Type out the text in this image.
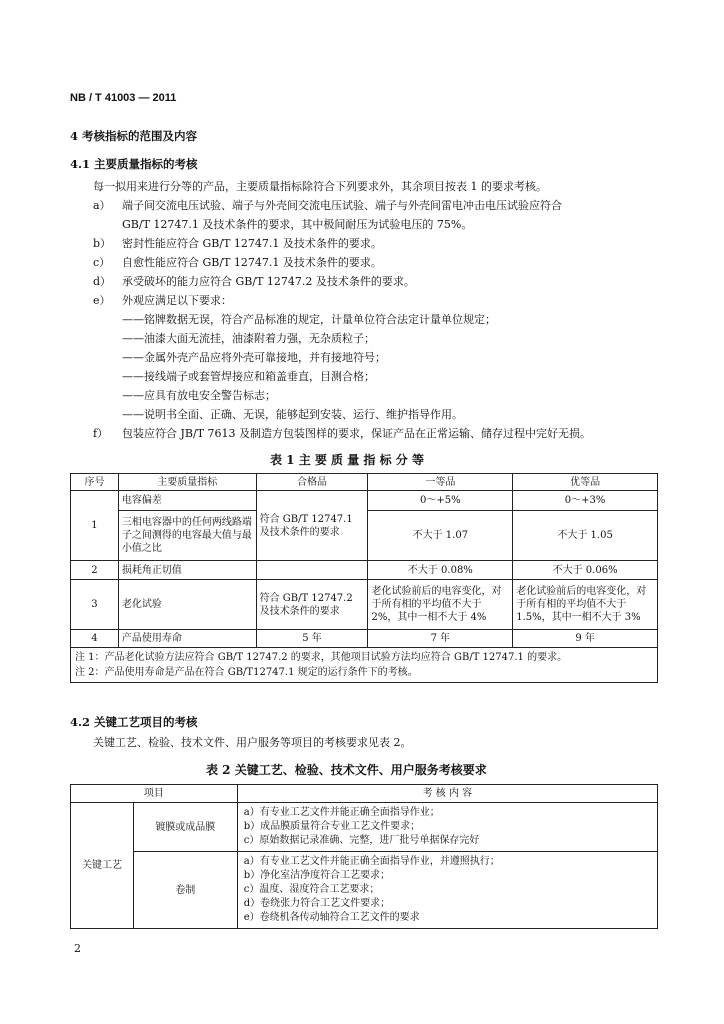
NB / T 41003 — 2011
4 考核指标的范围及内容
4.1 主要质量指标的考核
每一拟用来进行分等的产品，主要质量指标除符合下列要求外，其余项目按表 1 的要求考核。
a） 端子间交流电压试验、端子与外壳间交流电压试验、端子与外壳间雷电冲击电压试验应符合
GB/T 12747.1 及技术条件的要求，其中极间耐压为试验电压的 75%。
b） 密封性能应符合 GB/T 12747.1 及技术条件的要求。
c） 自愈性能应符合 GB/T 12747.1 及技术条件的要求。
d） 承受破坏的能力应符合 GB/T 12747.2 及技术条件的要求。
e） 外观应满足以下要求：
——铭牌数据无误，符合产品标准的规定，计量单位符合法定计量单位规定；
——油漆大面无流挂，油漆附着力强，无杂质粒子；
——金属外壳产品应将外壳可靠接地，并有接地符号；
——接线端子或套管焊接应和箱盖垂直，目测合格；
——应具有放电安全警告标志；
——说明书全面、正确、无误，能够起到安装、运行、维护指导作用。
f） 包装应符合 JB/T 7613 及制造方包装图样的要求，保证产品在正常运输、储存过程中完好无损。
表 1 主 要 质 量 指 标 分 等
序号	主要质量指标	合格品	一等品	优等品
1	电容偏差	符合 GB/T 12747.1 及技术条件的要求	0～+5%	0～+3%
	三相电容器中的任何两线路端子之间测得的电容最大值与最小值之比		不大于 1.07	不大于 1.05
2	损耗角正切值		不大于 0.08%	不大于 0.06%
3	老化试验	符合 GB/T 12747.2 及技术条件的要求	老化试验前后的电容变化，对于所有相的平均值不大于 2%，其中一相不大于 4%	老化试验前后的电容变化，对于所有相的平均值不大于 1.5%，其中一相不大于 3%
4	产品使用寿命	5 年	7 年	9 年

注 1：产品老化试验方法应符合 GB/T 12747.2 的要求，其他项目试验方法均应符合 GB/T 12747.1 的要求。
注 2：产品使用寿命是产品在符合 GB/T12747.1 规定的运行条件下的考核。				
4.2 关键工艺项目的考核
关键工艺、检验、技术文件、用户服务等项目的考核要求见表 2。
表 2 关键工艺、检验、技术文件、用户服务考核要求
项目		考 核 内 容
关键工艺	镀膜或成品膜	a）有专业工艺文件并能正确全面指导作业；
b）成品膜质量符合专业工艺文件要求；
c）原始数据记录准确、完整，进厂批号单据保存完好

	卷制	a）有专业工艺文件并能正确全面指导作业，并遵照执行；
b）净化室洁净度符合工艺要求；
c）温度、湿度符合工艺要求；
d）卷绕张力符合工艺文件要求；
e）卷绕机各传动轴符合工艺文件的要求
2
